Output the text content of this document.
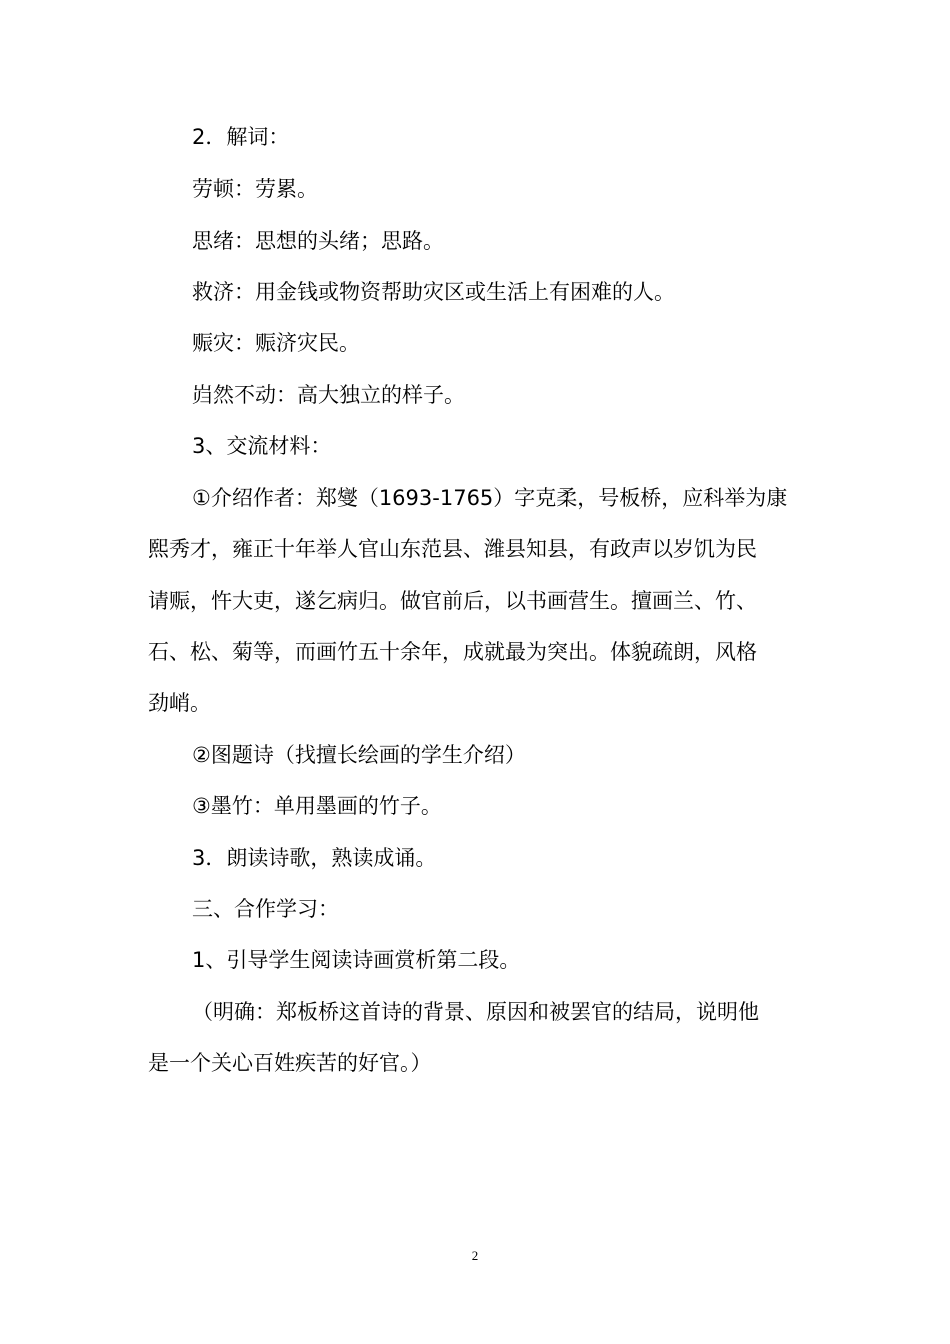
2．解词：
劳顿：劳累。
思绪：思想的头绪；思路。
救济：用金钱或物资帮助灾区或生活上有困难的人。
赈灾：赈济灾民。
岿然不动：高大独立的样子。
3、交流材料：
①介绍作者：郑燮（1693-1765）字克柔，号板桥，应科举为康
熙秀才，雍正十年举人官山东范县、潍县知县，有政声以岁饥为民
请赈，忤大吏，遂乞病归。做官前后，以书画营生。擅画兰、竹、
石、松、菊等，而画竹五十余年，成就最为突出。体貌疏朗，风格
劲峭。
②图题诗（找擅长绘画的学生介绍）
③墨竹：单用墨画的竹子。
3．朗读诗歌，熟读成诵。
三、合作学习：
1、引导学生阅读诗画赏析第二段。
（明确：郑板桥这首诗的背景、原因和被罢官的结局，说明他
是一个关心百姓疾苦的好官。）
2
